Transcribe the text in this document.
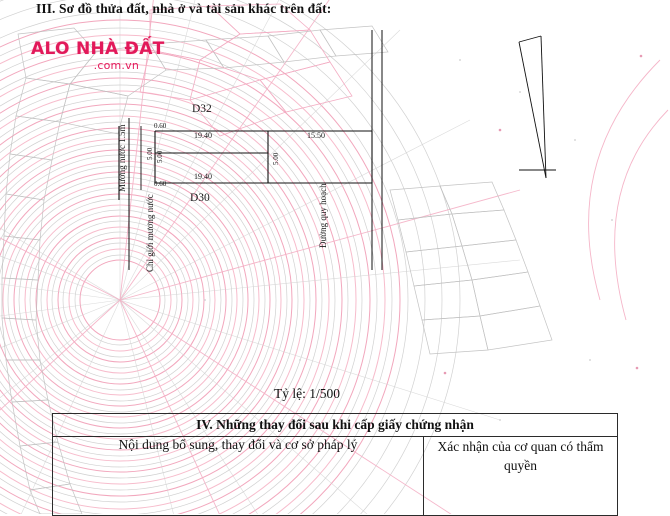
III. Sơ đồ thửa đất, nhà ở và tài sản khác trên đất:
ALO NHÀ ĐẤT
.com.vn
D32
D30
19.40
19.40
0.60
0.60
5.00 5.00	5.00
15.50
Mương nước 1.5m
Chỉ giới mương nước	Đường quy hoạch
Tỷ lệ: 1/500
IV. Những thay đổi sau khi cấp giấy chứng nhận
Nội dung bổ sung, thay đổi và cơ sở pháp lý	Xác nhận của cơ quan có thẩm quyền
